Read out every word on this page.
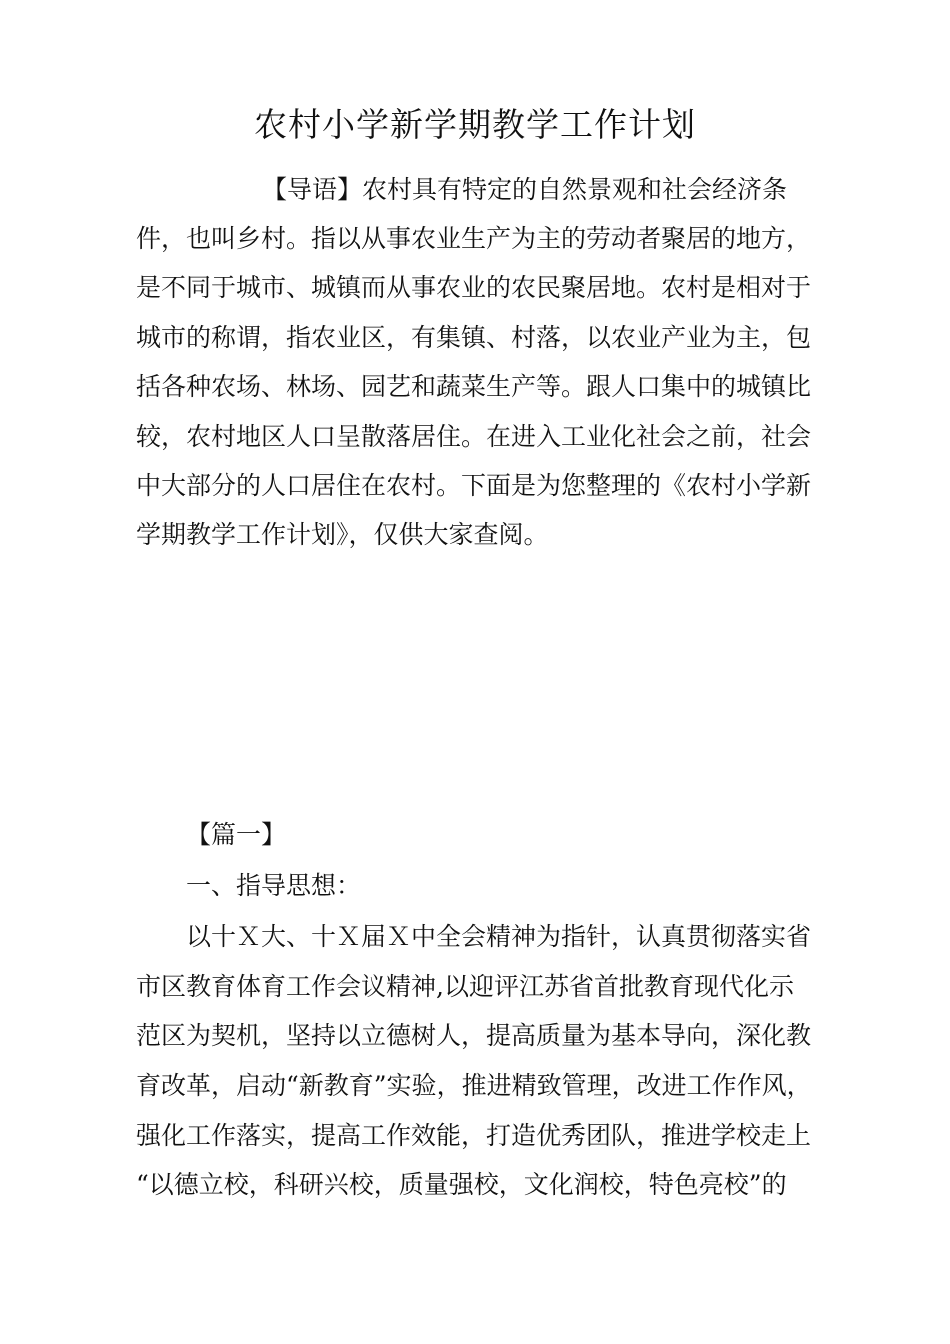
农村小学新学期教学工作计划

【导语】农村具有特定的自然景观和社会经济条

件，也叫乡村。指以从事农业生产为主的劳动者聚居的地方，

是不同于城市、城镇而从事农业的农民聚居地。农村是相对于

城市的称谓，指农业区，有集镇、村落，以农业产业为主，包

括各种农场、林场、园艺和蔬菜生产等。跟人口集中的城镇比

较，农村地区人口呈散落居住。在进入工业化社会之前，社会

中大部分的人口居住在农村。下面是为您整理的《农村小学新

学期教学工作计划》，仅供大家查阅。

【篇一】

一、指导思想：

以十Ｘ大、十Ｘ届Ｘ中全会精神为指针，认真贯彻落实省

市区教育体育工作会议精神,以迎评江苏省首批教育现代化示

范区为契机，坚持以立德树人，提高质量为基本导向，深化教

育改革，启动“新教育”实验，推进精致管理，改进工作作风，

强化工作落实，提高工作效能，打造优秀团队，推进学校走上

“以德立校，科研兴校，质量强校，文化润校，特色亮校”的
